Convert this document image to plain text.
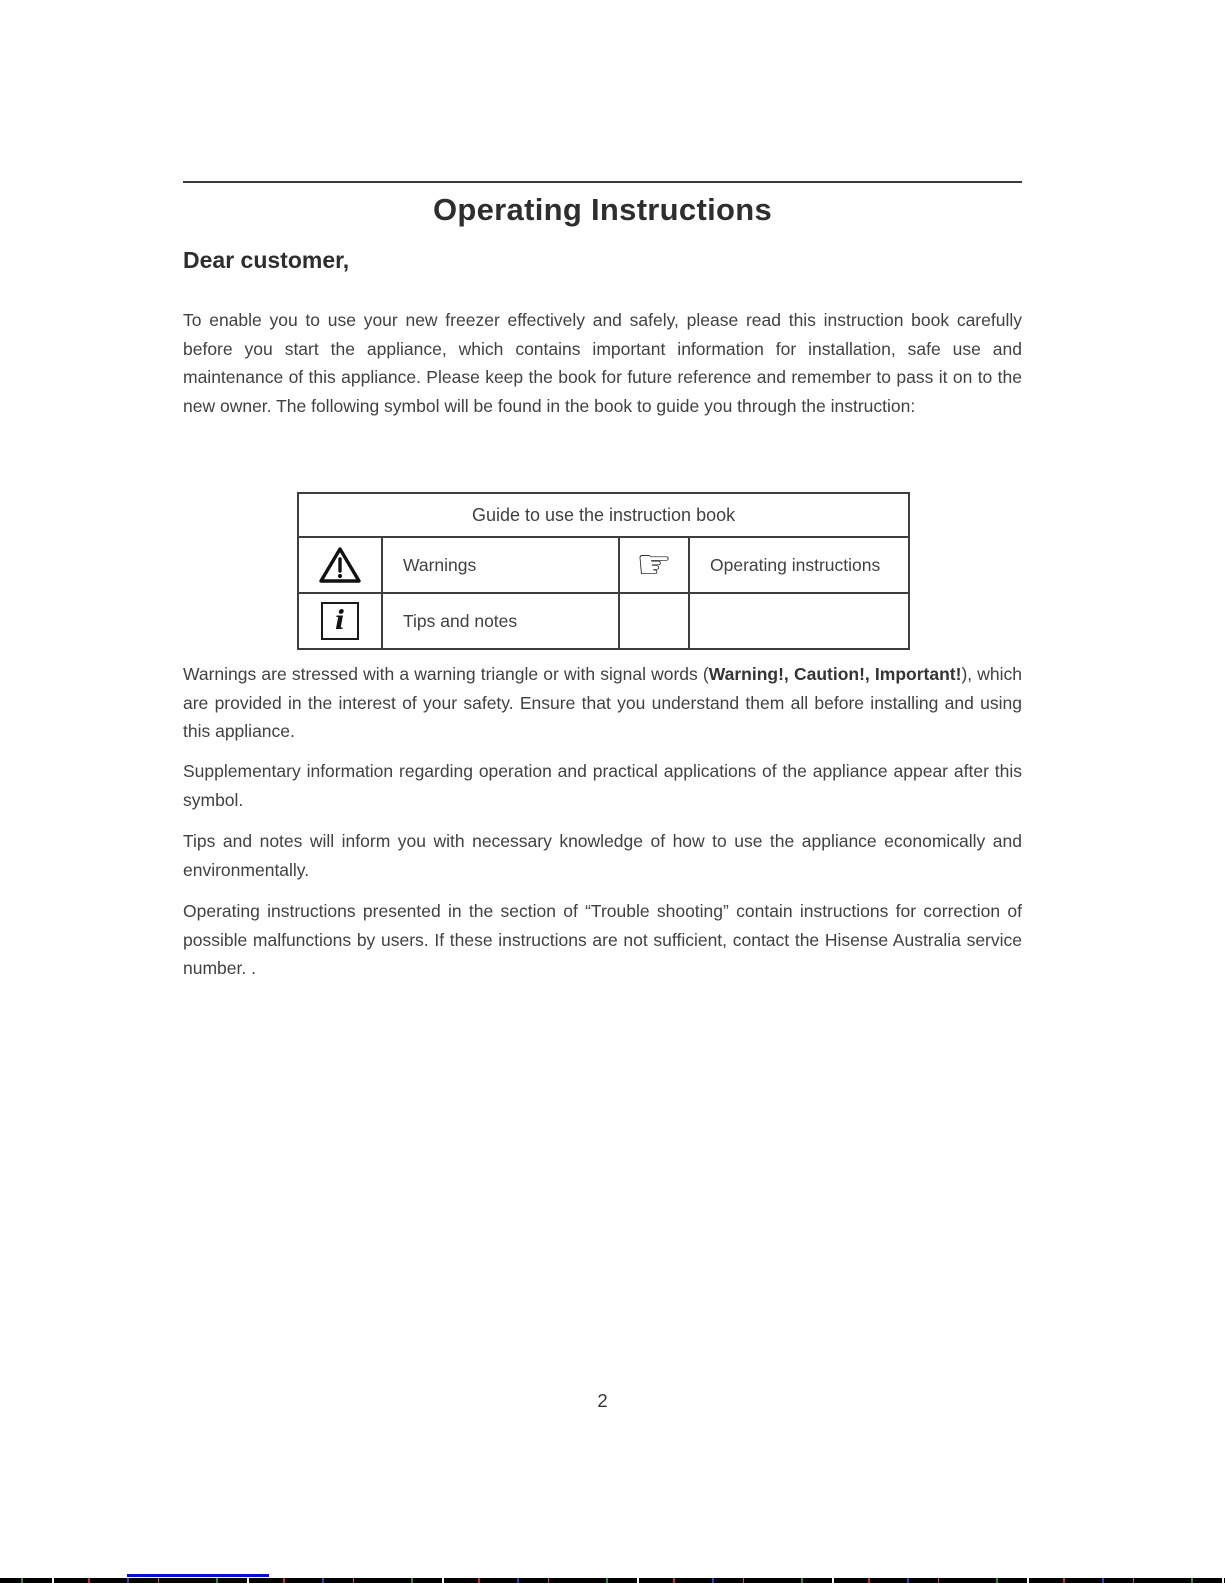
Operating Instructions
Dear customer,
To enable you to use your new freezer effectively and safely, please read this instruction book carefully before you start the appliance, which contains important information for installation, safe use and maintenance of this appliance. Please keep the book for future reference and remember to pass it on to the new owner. The following symbol will be found in the book to guide you through the instruction:
Guide to use the instruction book			
	Warnings	☞	Operating instructions
i	Tips and notes		
Warnings are stressed with a warning triangle or with signal words (Warning!, Caution!, Important!), which are provided in the interest of your safety. Ensure that you understand them all before installing and using this appliance.
Supplementary information regarding operation and practical applications of the appliance appear after this symbol.
Tips and notes will inform you with necessary knowledge of how to use the appliance economically and environmentally.
Operating instructions presented in the section of “Trouble shooting” contain instructions for correction of possible malfunctions by users. If these instructions are not sufficient, contact the Hisense Australia service number. .
2
